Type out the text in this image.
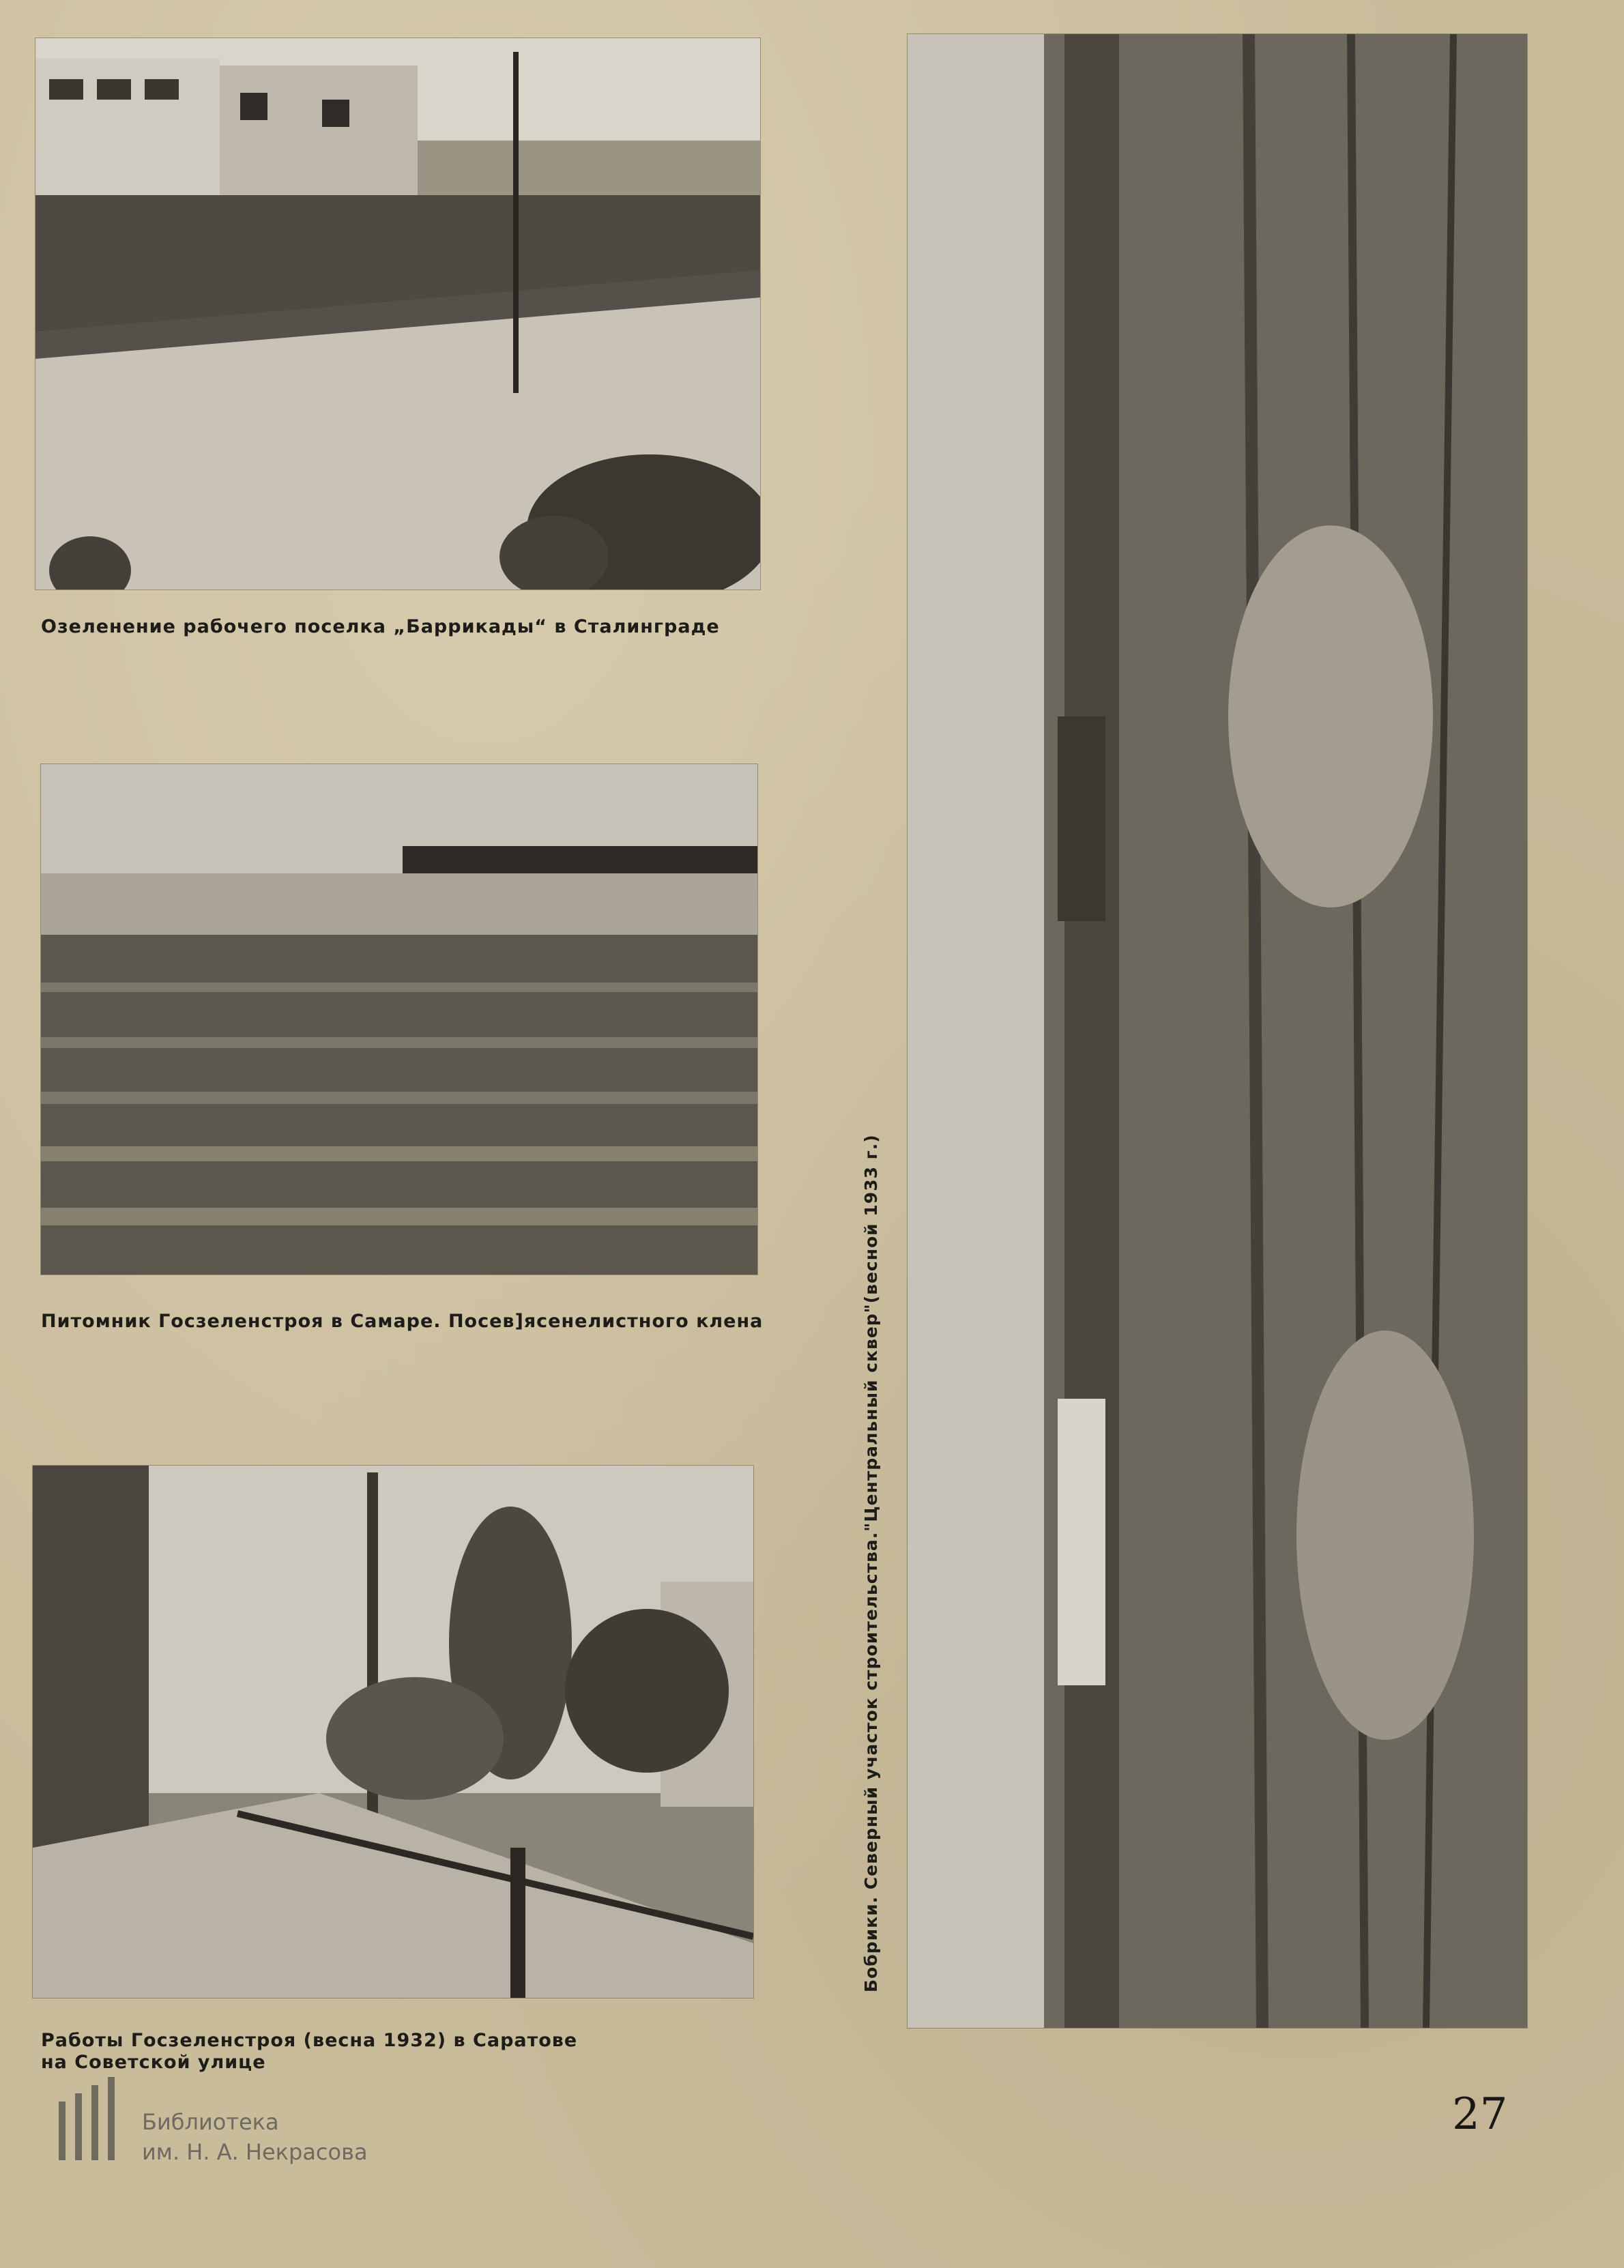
Озеленение рабочего поселка „Баррикады“ в Сталинграде
Питомник Госзеленстроя в Самаре. Посев]ясенелистного клена
Работы Госзеленстроя (весна 1932) в Саратове
на Советской улице
Бобрики. Северный участок строительства."Центральный сквер"(весной 1933 г.)
27
Библиотека
им. Н. А. Некрасова
